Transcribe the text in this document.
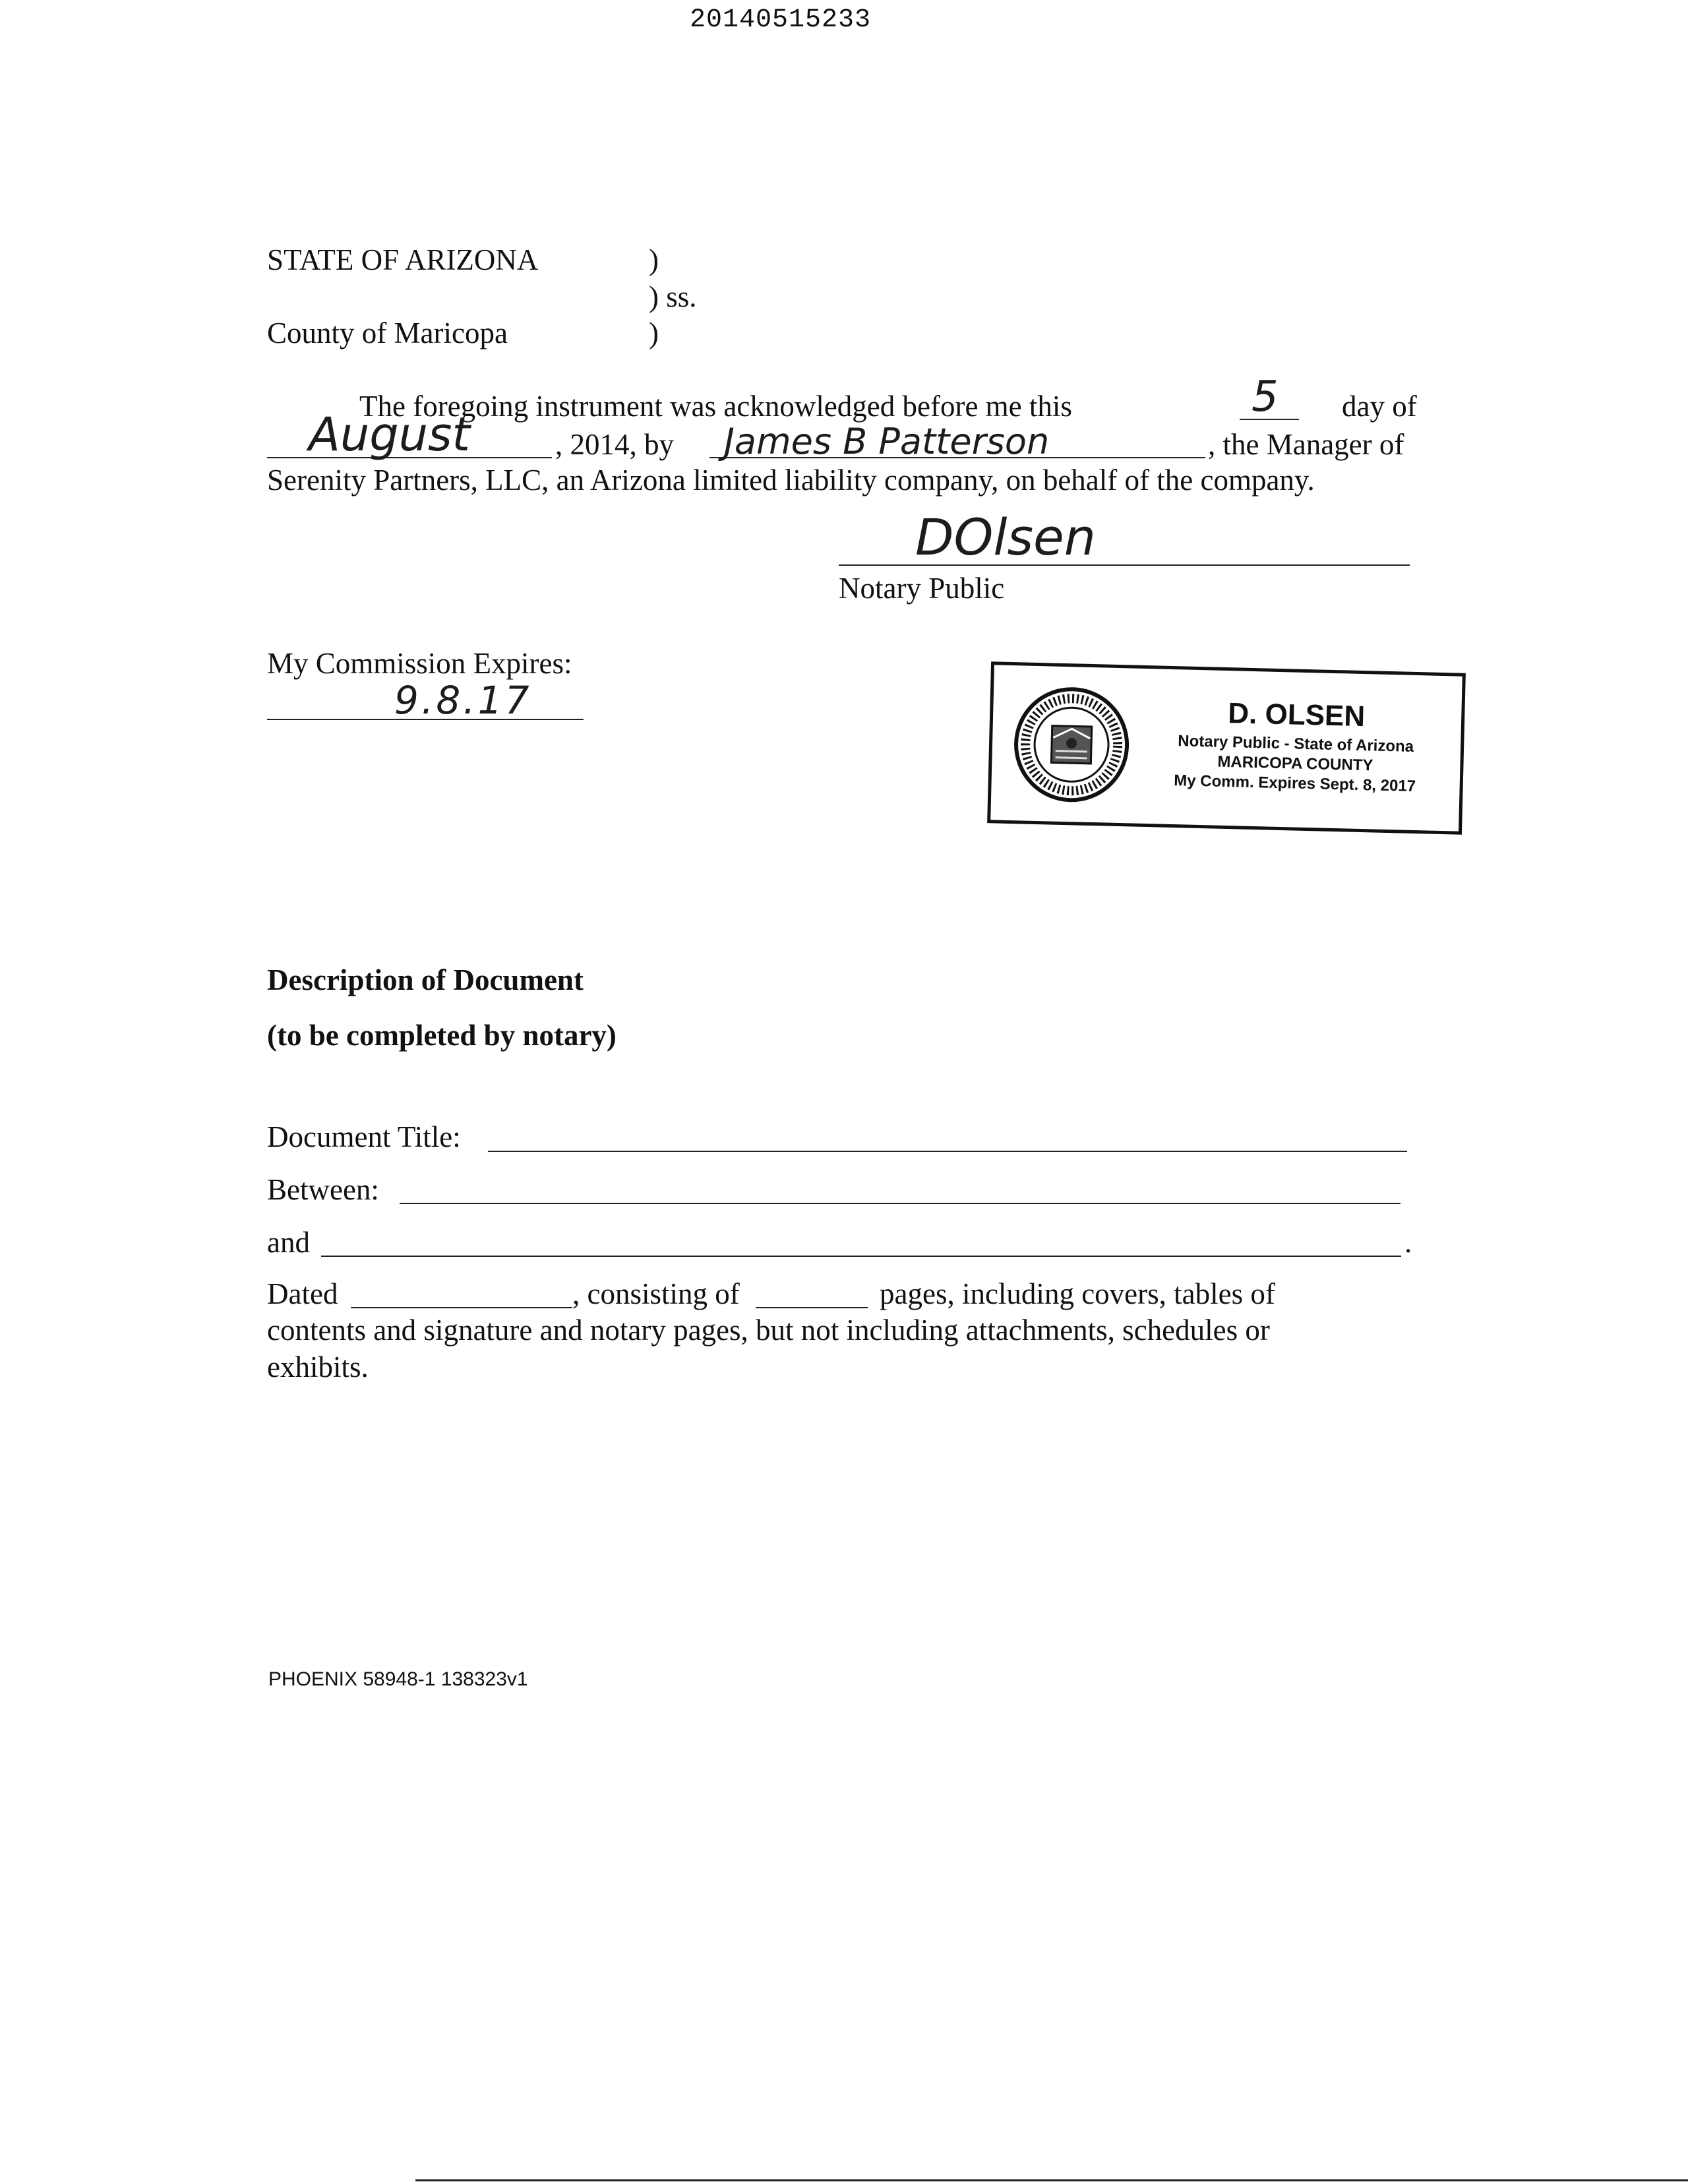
20140515233
STATE OF ARIZONA	)
) ss.
County of Maricopa	)
The foregoing instrument was acknowledged before me this	5 day of
August	, 2014, by James B Patterson	, the Manager of
Serenity Partners, LLC, an Arizona limited liability company, on behalf of the company.
DOlsen
Notary Public
My Commission Expires:
9.8.17	D. OLSEN
Notary Public - State of Arizona
MARICOPA COUNTY
My Comm. Expires Sept. 8, 2017
Description of Document
(to be completed by notary)
Document Title:
Between:
and	.
Dated	, consisting of	pages, including covers, tables of
contents and signature and notary pages, but not including attachments, schedules or
exhibits.
PHOENIX 58948-1 138323v1
